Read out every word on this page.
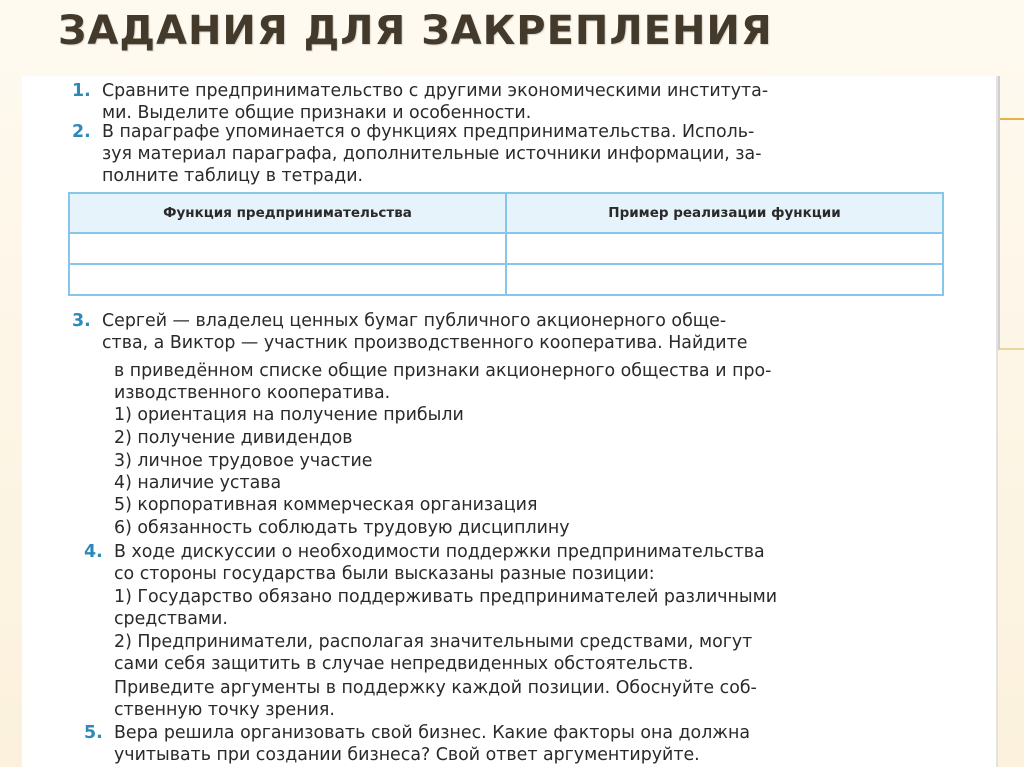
ЗАДАНИЯ ДЛЯ ЗАКРЕПЛЕНИЯ
1. Сравните предпринимательство с другими экономическими института-

ми. Выделите общие признаки и особенности.

2. В параграфе упоминается о функциях предпринимательства. Исполь-

зуя материал параграфа, дополнительные источники информации, за-

полните таблицу в тетради.

Функция предпринимательства	Пример реализации функции

3. Сергей — владелец ценных бумаг публичного акционерного обще-

ства, а Виктор — участник производственного кооператива. Найдите

в приведённом списке общие признаки акционерного общества и про-

изводственного кооператива.

1) ориентация на получение прибыли

2) получение дивидендов

3) личное трудовое участие

4) наличие устава

5) корпоративная коммерческая организация

6) обязанность соблюдать трудовую дисциплину

4. В ходе дискуссии о необходимости поддержки предпринимательства

со стороны государства были высказаны разные позиции:

1) Государство обязано поддерживать предпринимателей различными

средствами.

2) Предприниматели, располагая значительными средствами, могут

сами себя защитить в случае непредвиденных обстоятельств.

Приведите аргументы в поддержку каждой позиции. Обоснуйте соб-

ственную точку зрения.

5. Вера решила организовать свой бизнес. Какие факторы она должна

учитывать при создании бизнеса? Свой ответ аргументируйте.
